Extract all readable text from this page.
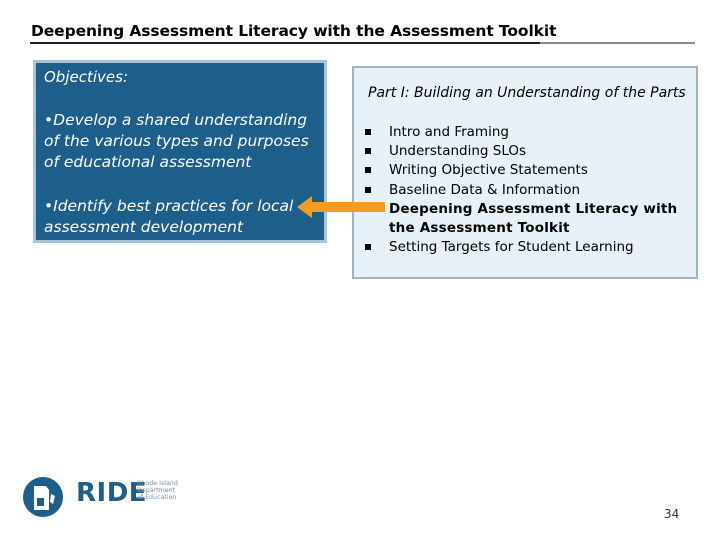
Deepening Assessment Literacy with the Assessment Toolkit
Objectives:
•Develop a shared understanding of the various types and purposes of educational assessment
•Identify best practices for local assessment development
Part I: Building an Understanding of the Parts
Intro and Framing
Understanding SLOs
Writing Objective Statements
Baseline Data & Information
Deepening Assessment Literacy with the Assessment Toolkit
Setting Targets for Student Learning
RIDE
Rhode Island
Department
of Education
34
